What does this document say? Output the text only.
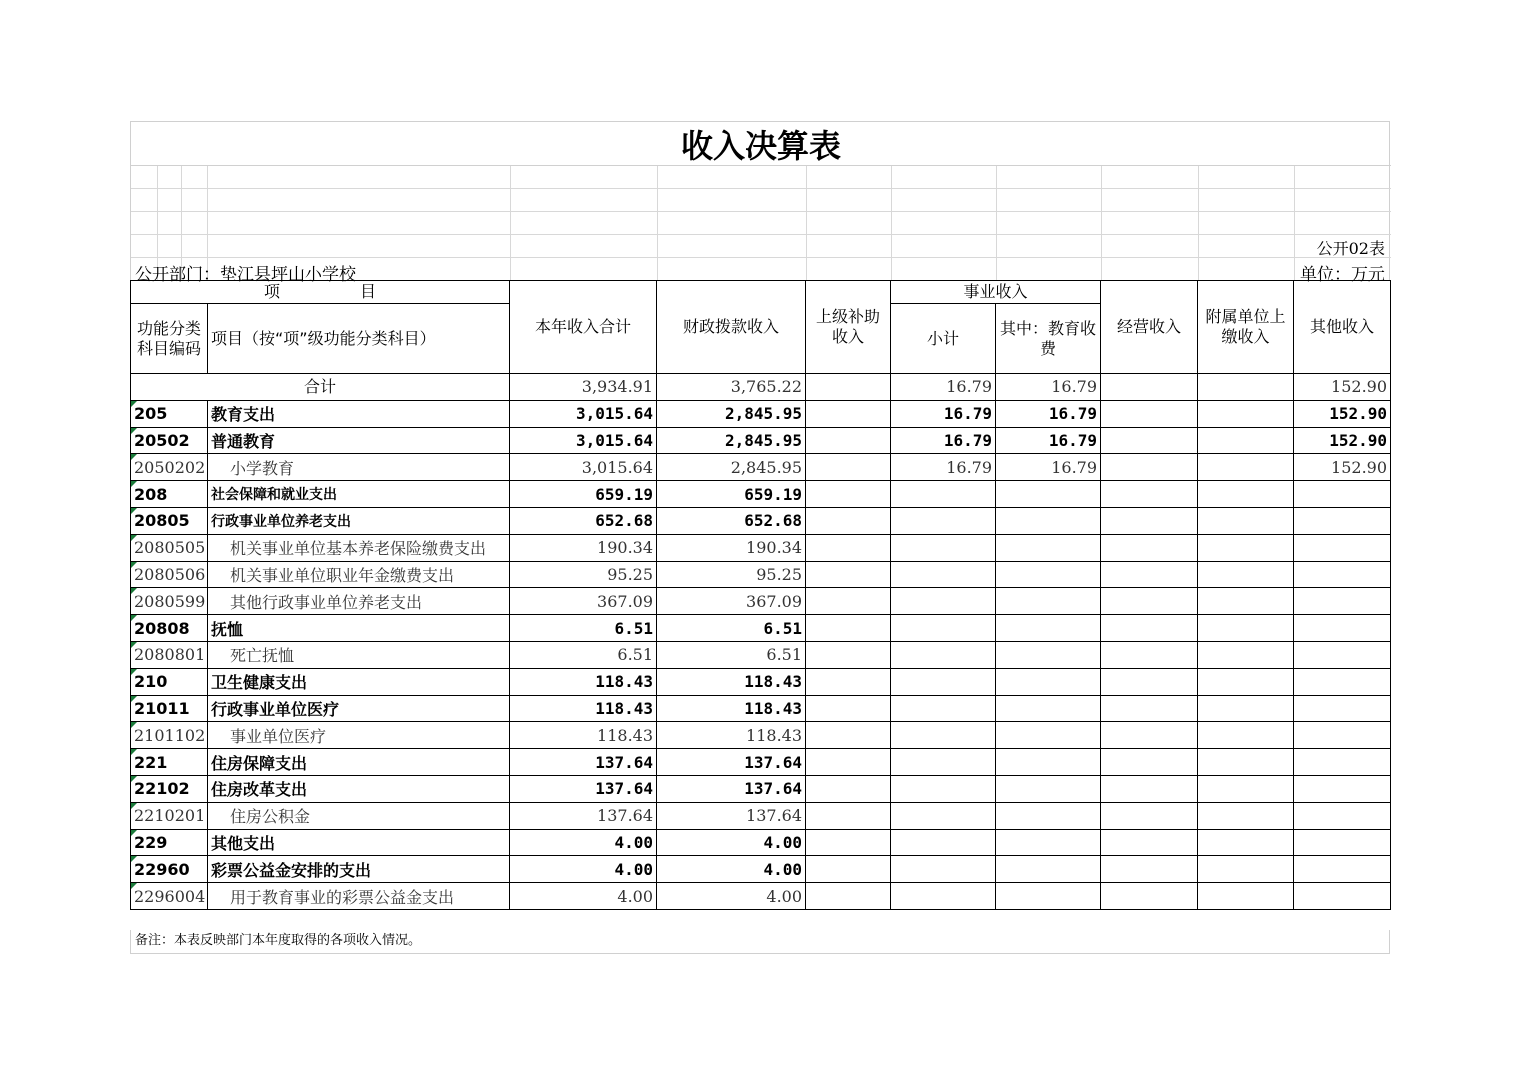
收入决算表
公开02表
公开部门：垫江县坪山小学校	单位：万元
项　　　　　目		本年收入合计	财政拨款收入	上级补助收入	事业收入		经营收入	附属单位上缴收入	其他收入
功能分类科目编码	项目（按“项”级功能分类科目）				小计	其中：教育收费			
合计		3,934.91	3,765.22		16.79	16.79			152.90
205	教育支出	3,015.64	2,845.95		16.79	16.79			152.90
20502	普通教育	3,015.64	2,845.95		16.79	16.79			152.90
2050202	小学教育	3,015.64	2,845.95		16.79	16.79			152.90
208	社会保障和就业支出	659.19	659.19						
20805	行政事业单位养老支出	652.68	652.68						
2080505	机关事业单位基本养老保险缴费支出	190.34	190.34						
2080506	机关事业单位职业年金缴费支出	95.25	95.25						
2080599	其他行政事业单位养老支出	367.09	367.09						
20808	抚恤	6.51	6.51						
2080801	死亡抚恤	6.51	6.51						
210	卫生健康支出	118.43	118.43						
21011	行政事业单位医疗	118.43	118.43						
2101102	事业单位医疗	118.43	118.43						
221	住房保障支出	137.64	137.64						
22102	住房改革支出	137.64	137.64						
2210201	住房公积金	137.64	137.64						
229	其他支出	4.00	4.00						
22960	彩票公益金安排的支出	4.00	4.00						
2296004	用于教育事业的彩票公益金支出	4.00	4.00						
备注：本表反映部门本年度取得的各项收入情况。
